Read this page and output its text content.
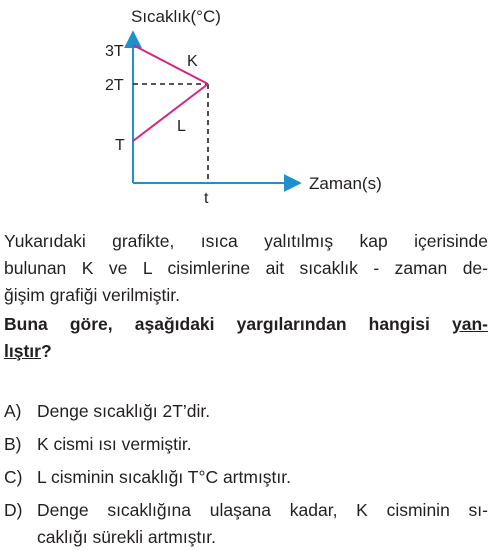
Sıcaklık(°C)
Zaman(s)
3T
2T
T
t
K
L

Yukarıdaki grafikte, ısıca yalıtılmış kap içerisinde
bulunan K ve L cisimlerine ait sıcaklık - zaman de-
ğişim grafiği verilmiştir.

Buna göre, aşağıdaki yargılarından hangisi yan-
lıştır?

A) Denge sıcaklığı 2T’dir.

B) K cismi ısı vermiştir.

C) L cisminin sıcaklığı T°C artmıştır.

D) Denge sıcaklığına ulaşana kadar, K cisminin sı-
caklığı sürekli artmıştır.
